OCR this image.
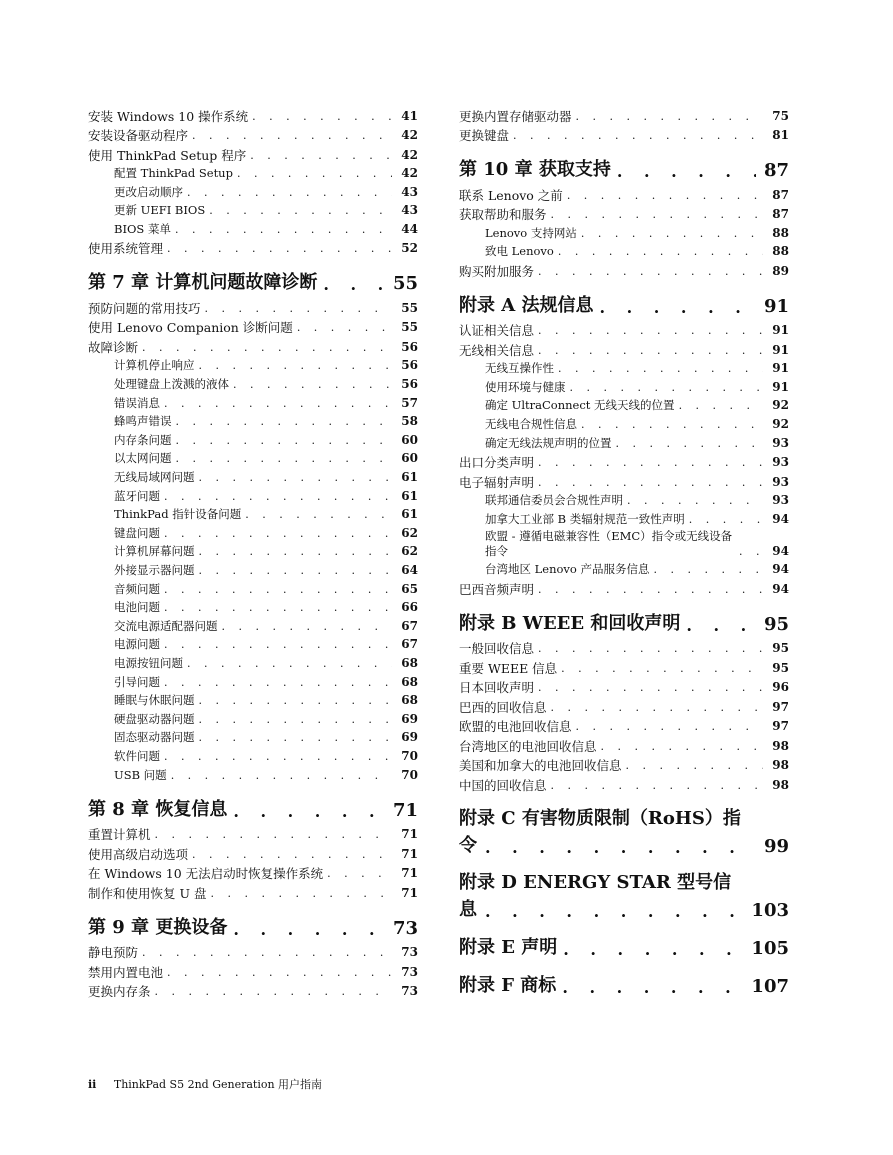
安装 Windows 10 操作系统 . . .	41
安装设备驱动程序 . . .	42
使用 ThinkPad Setup 程序 . . .	42
配置 ThinkPad Setup . . .	42
更改启动顺序 . . .	43
更新 UEFI BIOS . . .	43
BIOS 菜单 . . .	44
使用系统管理 . . .	52
第 7 章 计算机问题故障诊断 . . .	55
预防问题的常用技巧 . . .	55
使用 Lenovo Companion 诊断问题 . . .	55
故障诊断 . . .	56
计算机停止响应 . . .	56
处理键盘上泼溅的液体 . . .	56
错误消息 . . .	57
蜂鸣声错误 . . .	58
内存条问题 . . .	60
以太网问题 . . .	60
无线局域网问题 . . .	61
蓝牙问题 . . .	61
ThinkPad 指针设备问题 . . .	61
键盘问题 . . .	62
计算机屏幕问题 . . .	62
外接显示器问题 . . .	64
音频问题 . . .	65
电池问题 . . .	66
交流电源适配器问题 . . .	67
电源问题 . . .	67
电源按钮问题 . . .	68
引导问题 . . .	68
睡眠与休眠问题 . . .	68
硬盘驱动器问题 . . .	69
固态驱动器问题 . . .	69
软件问题 . . .	70
USB 问题 . . .	70
第 8 章 恢复信息 . . .	71
重置计算机 . . .	71
使用高级启动选项 . . .	71
在 Windows 10 无法启动时恢复操作系统 . . .	71
制作和使用恢复 U 盘 . . .	71
第 9 章 更换设备 . . .	73
静电预防 . . .	73
禁用内置电池 . . .	73
更换内存条 . . .	73
更换内置存储驱动器 . . .	75
更换键盘 . . .	81
第 10 章 获取支持 . . .	87
联系 Lenovo 之前 . . .	87
获取帮助和服务 . . .	87
Lenovo 支持网站 . . .	88
致电 Lenovo . . .	88
购买附加服务 . . .	89
附录 A 法规信息 . . .	91
认证相关信息 . . .	91
无线相关信息 . . .	91
无线互操作性 . . .	91
使用环境与健康 . . .	91
确定 UltraConnect 无线天线的位置 . . .	92
无线电合规性信息 . . .	92
确定无线法规声明的位置 . . .	93
出口分类声明 . . .	93
电子辐射声明 . . .	93
联邦通信委员会合规性声明 . . .	93
加拿大工业部 B 类辐射规范一致性声明 . . .	94
欧盟 - 遵循电磁兼容性（EMC）指令或无线设备指令 . . .	94
台湾地区 Lenovo 产品服务信息 . . .	94
巴西音频声明 . . .	94
附录 B WEEE 和回收声明 . . .	95
一般回收信息 . . .	95
重要 WEEE 信息 . . .	95
日本回收声明 . . .	96
巴西的回收信息 . . .	97
欧盟的电池回收信息 . . .	97
台湾地区的电池回收信息 . . .	98
美国和加拿大的电池回收信息 . . .	98
中国的回收信息 . . .	98
附录 C 有害物质限制（RoHS）指
令 . . .	99
附录 D ENERGY STAR 型号信
息 . . .	103
附录 E 声明 . . .	105
附录 F 商标 . . .	107
ii ThinkPad S5 2nd Generation 用户指南
